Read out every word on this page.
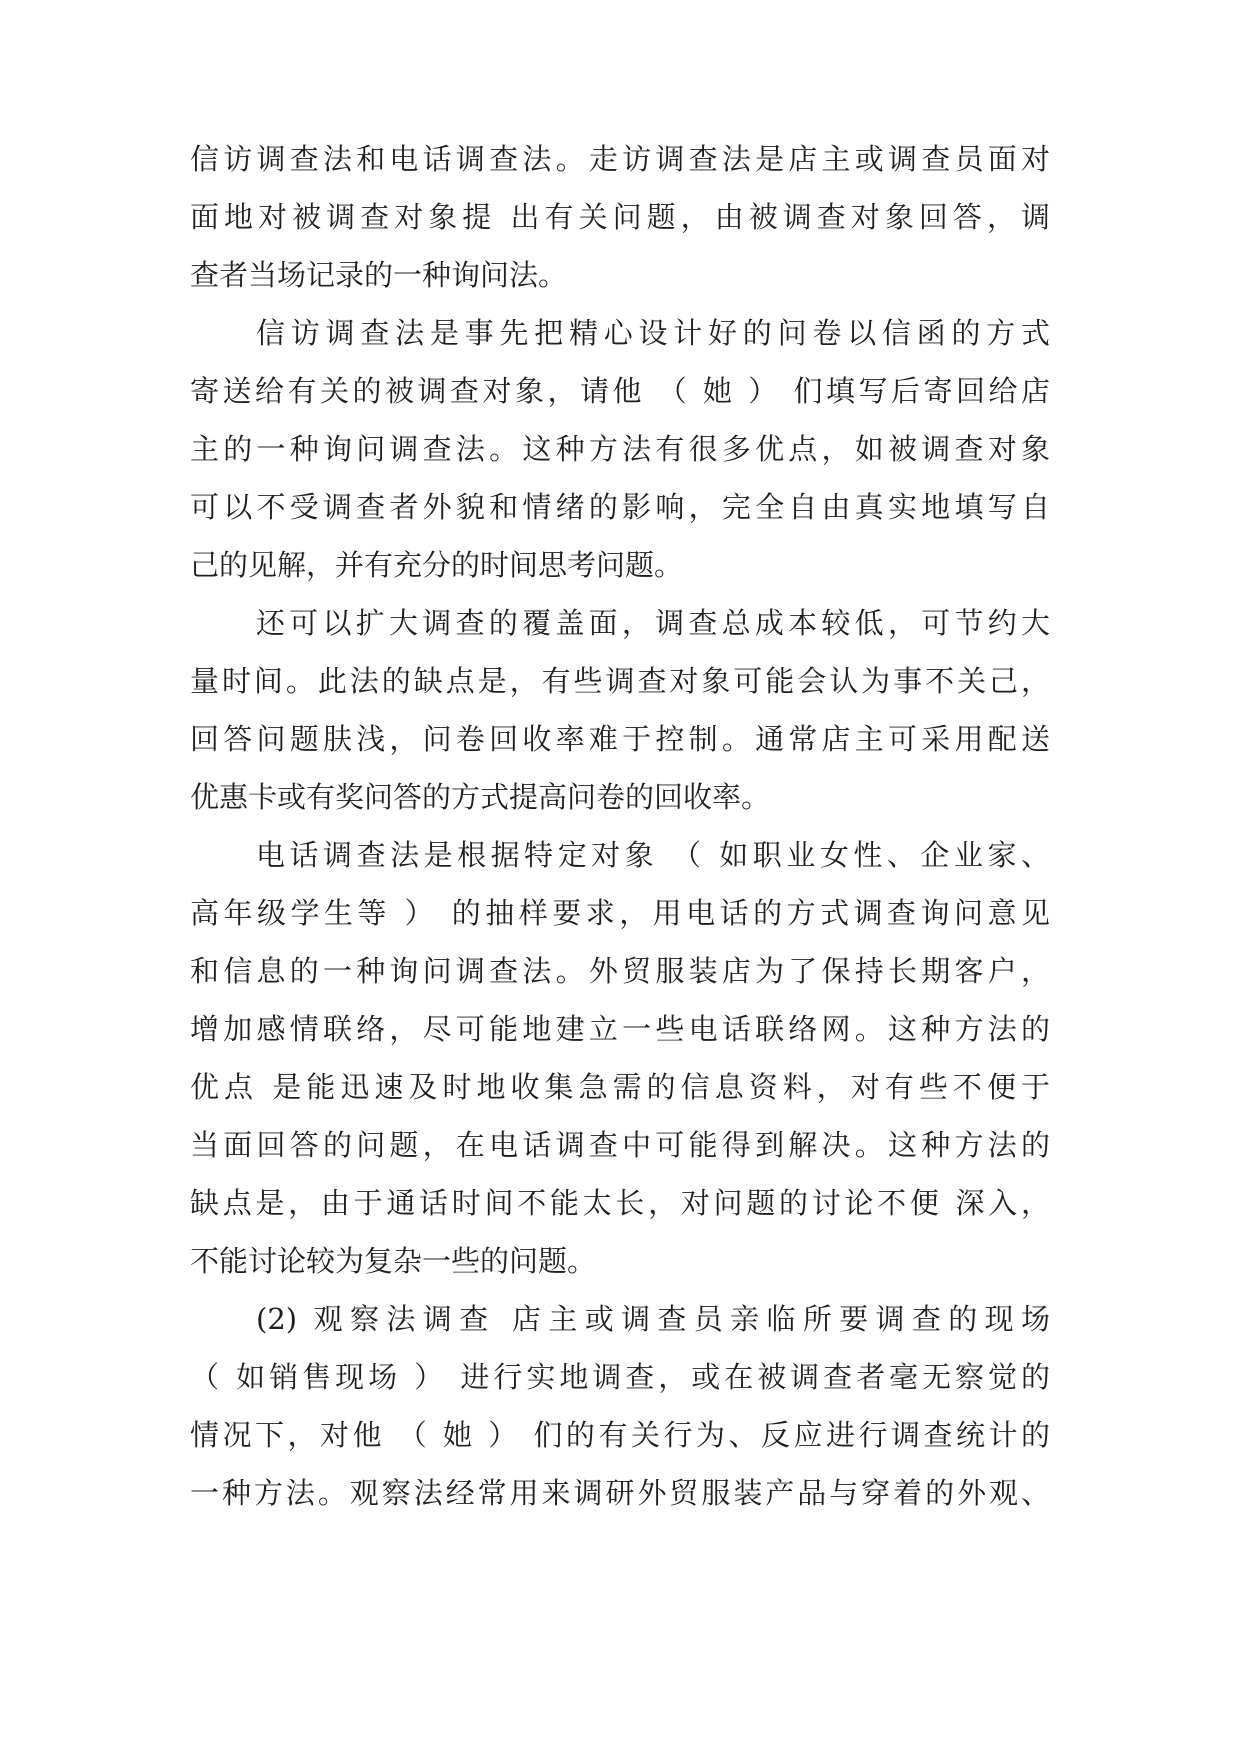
信访调查法和电话调查法。走访调查法是店主或调查员面对
面地对被调查对象提 出有关问题，由被调查对象回答，调
查者当场记录的一种询问法。
信访调查法是事先把精心设计好的问卷以信函的方式
寄送给有关的被调查对象，请他 （ 她 ） 们填写后寄回给店
主的一种询问调查法。这种方法有很多优点，如被调查对象
可以不受调查者外貌和情绪的影响，完全自由真实地填写自
己的见解，并有充分的时间思考问题。
还可以扩大调查的覆盖面，调查总成本较低，可节约大
量时间。此法的缺点是，有些调查对象可能会认为事不关己，
回答问题肤浅，问卷回收率难于控制。通常店主可采用配送
优惠卡或有奖问答的方式提高问卷的回收率。
电话调查法是根据特定对象 （ 如职业女性、企业家、
高年级学生等 ） 的抽样要求，用电话的方式调查询问意见
和信息的一种询问调查法。外贸服装店为了保持长期客户，
增加感情联络，尽可能地建立一些电话联络网。这种方法的
优点 是能迅速及时地收集急需的信息资料，对有些不便于
当面回答的问题，在电话调查中可能得到解决。这种方法的
缺点是，由于通话时间不能太长，对问题的讨论不便 深入，
不能讨论较为复杂一些的问题。
(2) 观察法调查 店主或调查员亲临所要调查的现场
（ 如销售现场 ） 进行实地调查，或在被调查者毫无察觉的
情况下，对他 （ 她 ） 们的有关行为、反应进行调查统计的
一种方法。观察法经常用来调研外贸服装产品与穿着的外观、
